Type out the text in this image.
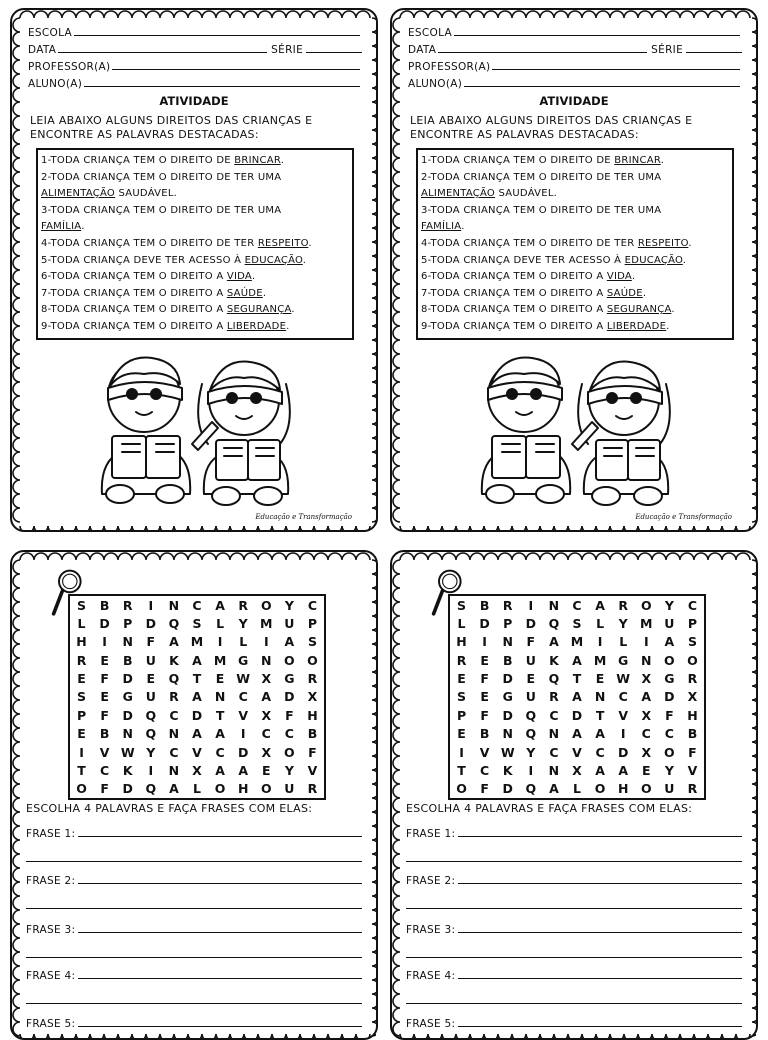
ESCOLA
DATA	SÉRIE
PROFESSOR(A)
ALUNO(A)
ATIVIDADE
LEIA ABAIXO ALGUNS DIREITOS DAS CRIANÇAS E
ENCONTRE AS PALAVRAS DESTACADAS:
1-TODA CRIANÇA TEM O DIREITO DE BRINCAR.
2-TODA CRIANÇA TEM O DIREITO DE TER UMA
ALIMENTAÇÃO SAUDÁVEL.
3-TODA CRIANÇA TEM O DIREITO DE TER UMA
FAMÍLIA.
4-TODA CRIANÇA TEM O DIREITO DE TER RESPEITO.
5-TODA CRIANÇA DEVE TER ACESSO À EDUCAÇÃO.
6-TODA CRIANÇA TEM O DIREITO A VIDA.
7-TODA CRIANÇA TEM O DIREITO A SAÚDE.
8-TODA CRIANÇA TEM O DIREITO A SEGURANÇA.
9-TODA CRIANÇA TEM O DIREITO A LIBERDADE.
Educação e Transformação
ESCOLA
DATA	SÉRIE
PROFESSOR(A)
ALUNO(A)
ATIVIDADE
LEIA ABAIXO ALGUNS DIREITOS DAS CRIANÇAS E
ENCONTRE AS PALAVRAS DESTACADAS:
1-TODA CRIANÇA TEM O DIREITO DE BRINCAR.
2-TODA CRIANÇA TEM O DIREITO DE TER UMA
ALIMENTAÇÃO SAUDÁVEL.
3-TODA CRIANÇA TEM O DIREITO DE TER UMA
FAMÍLIA.
4-TODA CRIANÇA TEM O DIREITO DE TER RESPEITO.
5-TODA CRIANÇA DEVE TER ACESSO À EDUCAÇÃO.
6-TODA CRIANÇA TEM O DIREITO A VIDA.
7-TODA CRIANÇA TEM O DIREITO A SAÚDE.
8-TODA CRIANÇA TEM O DIREITO A SEGURANÇA.
9-TODA CRIANÇA TEM O DIREITO A LIBERDADE.
Educação e Transformação
S B R I N C A R O Y C
L D P D Q S L Y M U P
H I N F A M I L I A S
R E B U K A M G N O O
E F D E Q T E W X G R
S E G U R A N C A D X
P F D Q C D T V X F H
E B N Q N A A I C C B
I V W Y C V C D X O F
T C K I N X A A E Y V
O F D Q A L O H O U R
ESCOLHA 4 PALAVRAS E FAÇA FRASES COM ELAS:
FRASE 1:
FRASE 2:
FRASE 3:
FRASE 4:
FRASE 5:
S B R I N C A R O Y C
L D P D Q S L Y M U P
H I N F A M I L I A S
R E B U K A M G N O O
E F D E Q T E W X G R
S E G U R A N C A D X
P F D Q C D T V X F H
E B N Q N A A I C C B
I V W Y C V C D X O F
T C K I N X A A E Y V
O F D Q A L O H O U R
ESCOLHA 4 PALAVRAS E FAÇA FRASES COM ELAS:
FRASE 1:
FRASE 2:
FRASE 3:
FRASE 4:
FRASE 5:
